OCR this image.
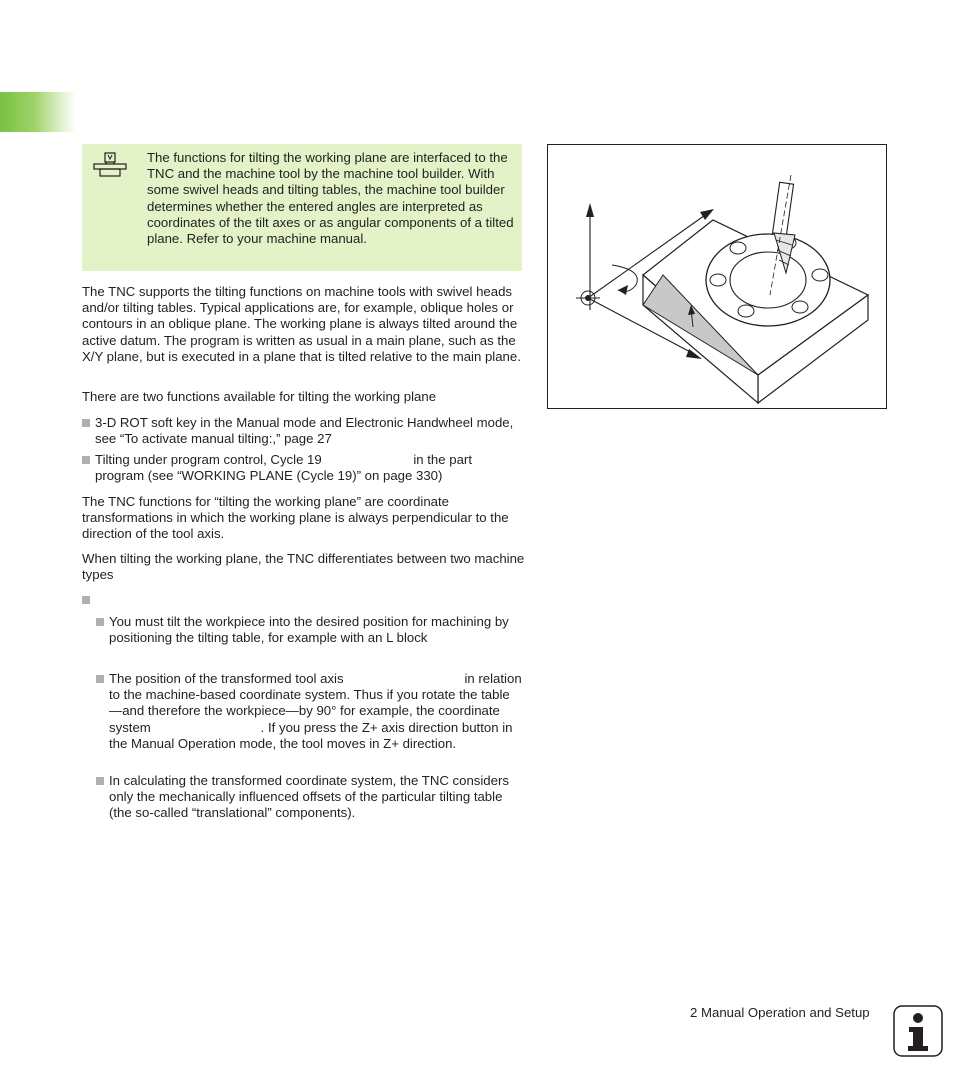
The functions for tilting the working plane are interfaced to the TNC and the machine tool by the machine tool builder. With some swivel heads and tilting tables, the machine tool builder determines whether the entered angles are interpreted as coordinates of the tilt axes or as angular components of a tilted plane. Refer to your machine manual.

The TNC supports the tilting functions on machine tools with swivel heads and/or tilting tables. Typical applications are, for example, oblique holes or contours in an oblique plane. The working plane is always tilted around the active datum. The program is written as usual in a main plane, such as the X/Y plane, but is executed in a plane that is tilted relative to the main plane.

There are two functions available for tilting the working plane

3-D ROT soft key in the Manual mode and Electronic Handwheel mode, see “To activate manual tilting:,” page 27
Tilting under program control, Cycle 19                         in the part program (see “WORKING PLANE (Cycle 19)” on page 330)

The TNC functions for “tilting the working plane” are coordinate transformations in which the working plane is always perpendicular to the direction of the tool axis.

When tilting the working plane, the TNC differentiates between two machine types

You must tilt the workpiece into the desired position for machining by positioning the tilting table, for example with an L block
The position of the transformed tool axis                                 in relation to the machine-based coordinate system. Thus if you rotate the table—and therefore the workpiece—by 90° for example, the coordinate system                              . If you press the Z+ axis direction button in the Manual Operation mode, the tool moves in Z+ direction.
In calculating the transformed coordinate system, the TNC considers only the mechanically influenced offsets of the particular tilting table (the so-called “translational” components).
2 Manual Operation and Setup
